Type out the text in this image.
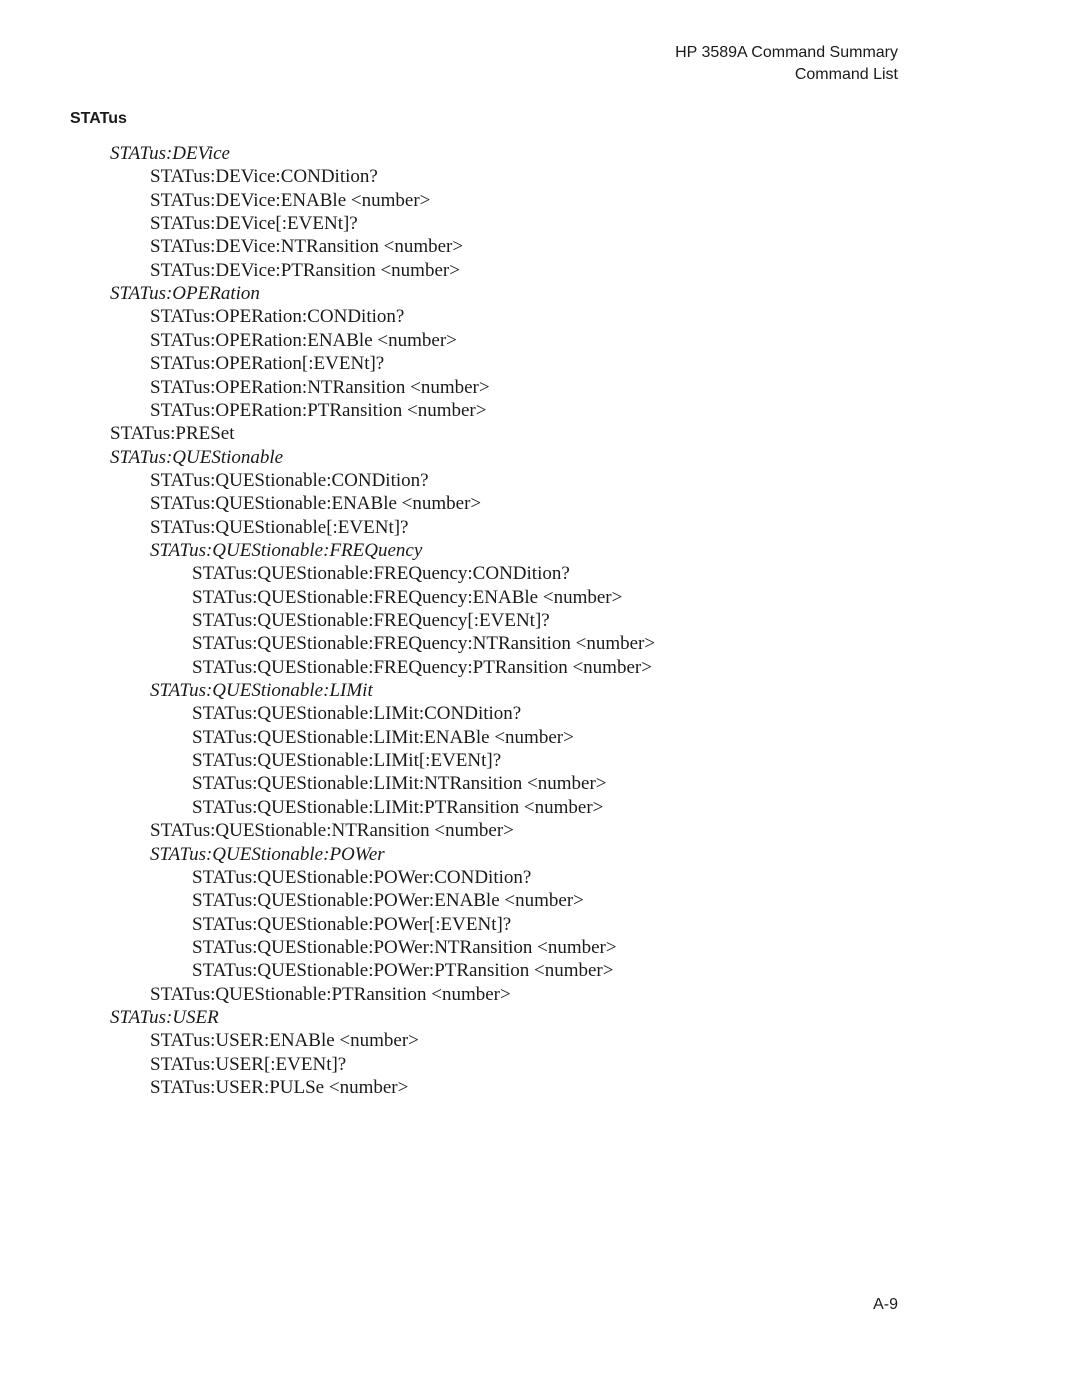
HP 3589A Command Summary
Command List
STATus
STATus:DEVice
STATus:DEVice:CONDition?
STATus:DEVice:ENABle <number>
STATus:DEVice[:EVENt]?
STATus:DEVice:NTRansition <number>
STATus:DEVice:PTRansition <number>
STATus:OPERation
STATus:OPERation:CONDition?
STATus:OPERation:ENABle <number>
STATus:OPERation[:EVENt]?
STATus:OPERation:NTRansition <number>
STATus:OPERation:PTRansition <number>
STATus:PRESet
STATus:QUEStionable
STATus:QUEStionable:CONDition?
STATus:QUEStionable:ENABle <number>
STATus:QUEStionable[:EVENt]?
STATus:QUEStionable:FREQuency
STATus:QUEStionable:FREQuency:CONDition?
STATus:QUEStionable:FREQuency:ENABle <number>
STATus:QUEStionable:FREQuency[:EVENt]?
STATus:QUEStionable:FREQuency:NTRansition <number>
STATus:QUEStionable:FREQuency:PTRansition <number>
STATus:QUEStionable:LIMit
STATus:QUEStionable:LIMit:CONDition?
STATus:QUEStionable:LIMit:ENABle <number>
STATus:QUEStionable:LIMit[:EVENt]?
STATus:QUEStionable:LIMit:NTRansition <number>
STATus:QUEStionable:LIMit:PTRansition <number>
STATus:QUEStionable:NTRansition <number>
STATus:QUEStionable:POWer
STATus:QUEStionable:POWer:CONDition?
STATus:QUEStionable:POWer:ENABle <number>
STATus:QUEStionable:POWer[:EVENt]?
STATus:QUEStionable:POWer:NTRansition <number>
STATus:QUEStionable:POWer:PTRansition <number>
STATus:QUEStionable:PTRansition <number>
STATus:USER
STATus:USER:ENABle <number>
STATus:USER[:EVENt]?
STATus:USER:PULSe <number>
A-9
